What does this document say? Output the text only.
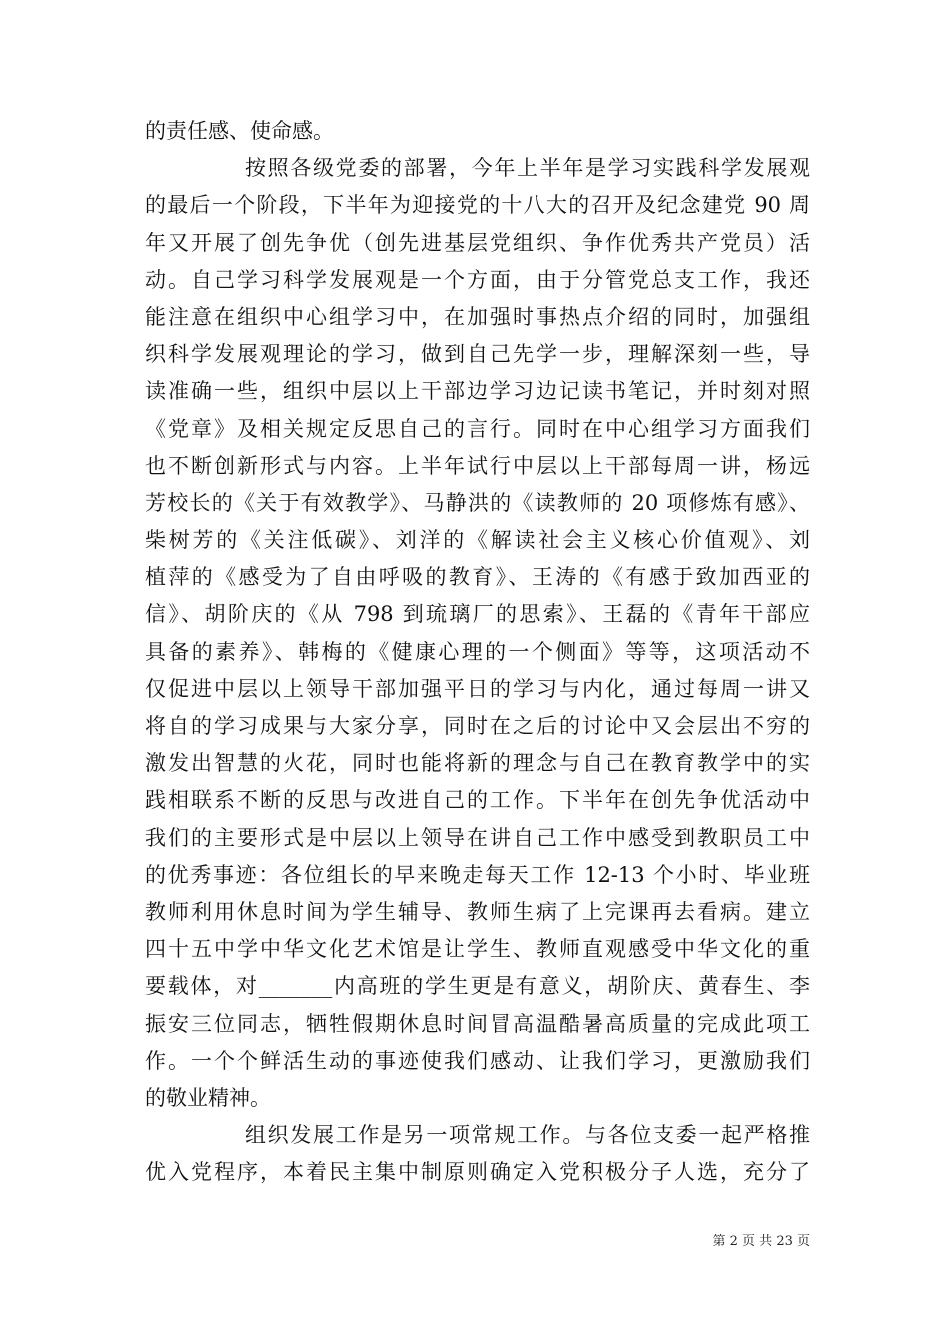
的责任感、使命感。
按照各级党委的部署，今年上半年是学习实践科学发展观
的最后一个阶段，下半年为迎接党的十八大的召开及纪念建党 90 周
年又开展了创先争优（创先进基层党组织、争作优秀共产党员）活
动。自己学习科学发展观是一个方面，由于分管党总支工作，我还
能注意在组织中心组学习中，在加强时事热点介绍的同时，加强组
织科学发展观理论的学习，做到自己先学一步，理解深刻一些，导
读准确一些，组织中层以上干部边学习边记读书笔记，并时刻对照
《党章》及相关规定反思自己的言行。同时在中心组学习方面我们
也不断创新形式与内容。上半年试行中层以上干部每周一讲，杨远
芳校长的《关于有效教学》、马静洪的《读教师的 20 项修炼有感》、
柴树芳的《关注低碳》、刘洋的《解读社会主义核心价值观》、刘
植萍的《感受为了自由呼吸的教育》、王涛的《有感于致加西亚的
信》、胡阶庆的《从 798 到琉璃厂的思索》、王磊的《青年干部应
具备的素养》、韩梅的《健康心理的一个侧面》等等，这项活动不
仅促进中层以上领导干部加强平日的学习与内化，通过每周一讲又
将自的学习成果与大家分享，同时在之后的讨论中又会层出不穷的
激发出智慧的火花，同时也能将新的理念与自己在教育教学中的实
践相联系不断的反思与改进自己的工作。下半年在创先争优活动中
我们的主要形式是中层以上领导在讲自己工作中感受到教职员工中
的优秀事迹：各位组长的早来晚走每天工作 12-13 个小时、毕业班
教师利用休息时间为学生辅导、教师生病了上完课再去看病。建立
四十五中学中华文化艺术馆是让学生、教师直观感受中华文化的重
要载体，对_______内高班的学生更是有意义，胡阶庆、黄春生、李
振安三位同志，牺牲假期休息时间冒高温酷暑高质量的完成此项工
作。一个个鲜活生动的事迹使我们感动、让我们学习，更激励我们
的敬业精神。
组织发展工作是另一项常规工作。与各位支委一起严格推
优入党程序，本着民主集中制原则确定入党积极分子人选，充分了
第 2 页 共 23 页
